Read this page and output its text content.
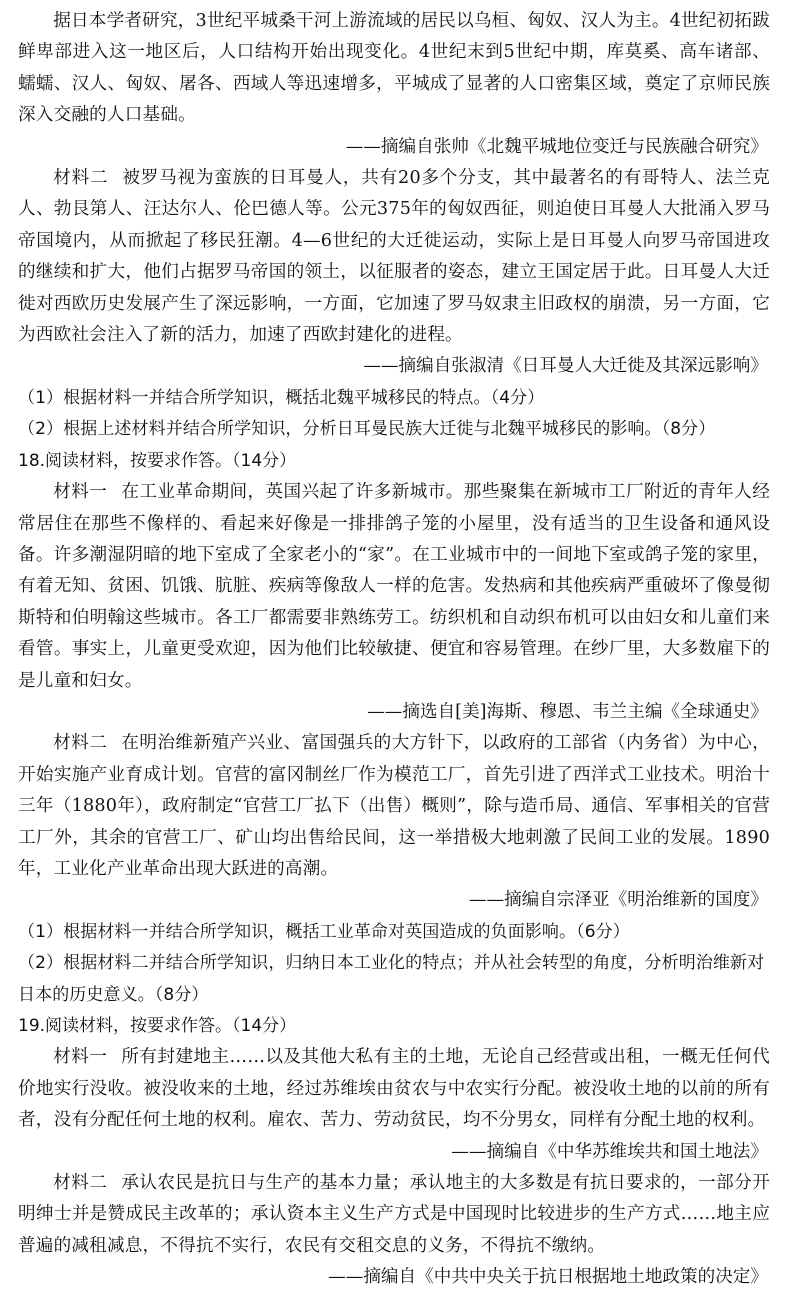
据日本学者研究，3世纪平城桑干河上游流域的居民以乌桓、匈奴、汉人为主。4世纪初拓跋鲜卑部进入这一地区后，人口结构开始出现变化。4世纪末到5世纪中期，库莫奚、高车诸部、蠕蠕、汉人、匈奴、屠各、西域人等迅速增多，平城成了显著的人口密集区域，奠定了京师民族深入交融的人口基础。

——摘编自张帅《北魏平城地位变迁与民族融合研究》

材料二 被罗马视为蛮族的日耳曼人，共有20多个分支，其中最著名的有哥特人、法兰克人、勃艮第人、汪达尔人、伦巴德人等。公元375年的匈奴西征，则迫使日耳曼人大批涌入罗马帝国境内，从而掀起了移民狂潮。4—6世纪的大迁徙运动，实际上是日耳曼人向罗马帝国进攻的继续和扩大，他们占据罗马帝国的领土，以征服者的姿态，建立王国定居于此。日耳曼人大迁徙对西欧历史发展产生了深远影响，一方面，它加速了罗马奴隶主旧政权的崩溃，另一方面，它为西欧社会注入了新的活力，加速了西欧封建化的进程。

——摘编自张淑清《日耳曼人大迁徙及其深远影响》

（1）根据材料一并结合所学知识，概括北魏平城移民的特点。（4分）

（2）根据上述材料并结合所学知识，分析日耳曼民族大迁徙与北魏平城移民的影响。（8分）

18.阅读材料，按要求作答。（14分）

材料一 在工业革命期间，英国兴起了许多新城市。那些聚集在新城市工厂附近的青年人经常居住在那些不像样的、看起来好像是一排排鸽子笼的小屋里，没有适当的卫生设备和通风设备。许多潮湿阴暗的地下室成了全家老小的“家”。在工业城市中的一间地下室或鸽子笼的家里，有着无知、贫困、饥饿、肮脏、疾病等像敌人一样的危害。发热病和其他疾病严重破坏了像曼彻斯特和伯明翰这些城市。各工厂都需要非熟练劳工。纺织机和自动织布机可以由妇女和儿童们来看管。事实上，儿童更受欢迎，因为他们比较敏捷、便宜和容易管理。在纱厂里，大多数雇下的是儿童和妇女。

——摘选自[美]海斯、穆恩、韦兰主编《全球通史》

材料二 在明治维新殖产兴业、富国强兵的大方针下，以政府的工部省（内务省）为中心，开始实施产业育成计划。官营的富冈制丝厂作为模范工厂，首先引进了西洋式工业技术。明治十三年（1880年），政府制定“官营工厂払下（出售）概则”，除与造币局、通信、军事相关的官营工厂外，其余的官营工厂、矿山均出售给民间，这一举措极大地刺激了民间工业的发展。1890年，工业化产业革命出现大跃进的高潮。

——摘编自宗泽亚《明治维新的国度》

（1）根据材料一并结合所学知识，概括工业革命对英国造成的负面影响。（6分）

（2）根据材料二并结合所学知识，归纳日本工业化的特点；并从社会转型的角度，分析明治维新对日本的历史意义。（8分）

19.阅读材料，按要求作答。（14分）

材料一 所有封建地主……以及其他大私有主的土地，无论自己经营或出租，一概无任何代价地实行没收。被没收来的土地，经过苏维埃由贫农与中农实行分配。被没收土地的以前的所有者，没有分配任何土地的权利。雇农、苦力、劳动贫民，均不分男女，同样有分配土地的权利。

——摘编自《中华苏维埃共和国土地法》

材料二 承认农民是抗日与生产的基本力量；承认地主的大多数是有抗日要求的，一部分开明绅士并是赞成民主改革的；承认资本主义生产方式是中国现时比较进步的生产方式……地主应普遍的减租减息，不得抗不实行，农民有交租交息的义务，不得抗不缴纳。

——摘编自《中共中央关于抗日根据地土地政策的决定》
